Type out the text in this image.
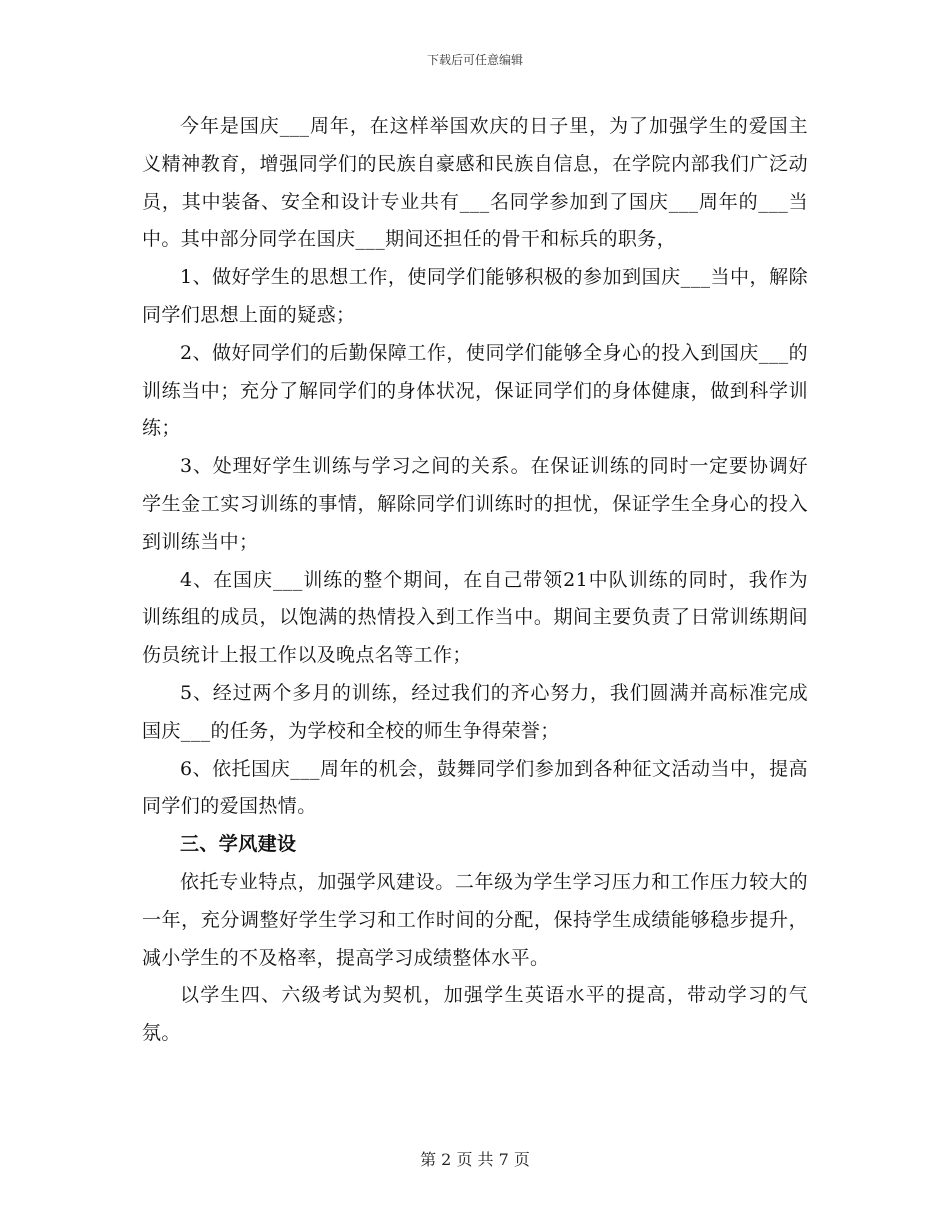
下载后可任意编辑

今年是国庆___周年，在这样举国欢庆的日子里，为了加强学生的爱国主义精神教育，增强同学们的民族自豪感和民族自信息，在学院内部我们广泛动员，其中装备、安全和设计专业共有___名同学参加到了国庆___周年的___当中。其中部分同学在国庆___期间还担任的骨干和标兵的职务，

1、做好学生的思想工作，使同学们能够积极的参加到国庆___当中，解除同学们思想上面的疑惑；

2、做好同学们的后勤保障工作，使同学们能够全身心的投入到国庆___的训练当中；充分了解同学们的身体状况，保证同学们的身体健康，做到科学训练；

3、处理好学生训练与学习之间的关系。在保证训练的同时一定要协调好学生金工实习训练的事情，解除同学们训练时的担忧，保证学生全身心的投入到训练当中；

4、在国庆___训练的整个期间，在自己带领21中队训练的同时，我作为训练组的成员，以饱满的热情投入到工作当中。期间主要负责了日常训练期间伤员统计上报工作以及晚点名等工作；

5、经过两个多月的训练，经过我们的齐心努力，我们圆满并高标准完成国庆___的任务，为学校和全校的师生争得荣誉；

6、依托国庆___周年的机会，鼓舞同学们参加到各种征文活动当中，提高同学们的爱国热情。

三、学风建设

依托专业特点，加强学风建设。二年级为学生学习压力和工作压力较大的一年，充分调整好学生学习和工作时间的分配，保持学生成绩能够稳步提升，减小学生的不及格率，提高学习成绩整体水平。

以学生四、六级考试为契机，加强学生英语水平的提高，带动学习的气氛。

第 2 页 共 7 页
